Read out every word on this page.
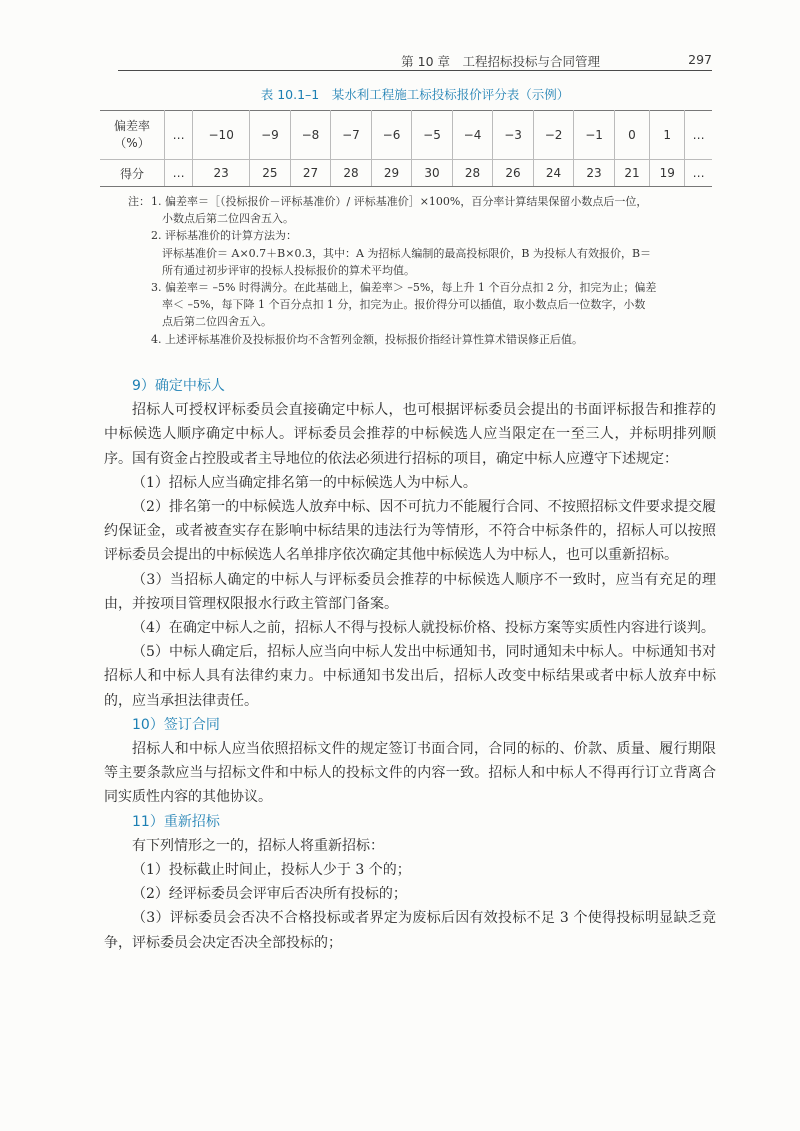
第 10 章　工程招标投标与合同管理	297
表 10.1–1　某水利工程施工标投标报价评分表（示例）
偏差率
（%）	…	−10	−9	−8	−7	−6	−5	−4	−3	−2	−1	0	1	…
得分	…	23	25	27	28	29	30	28	26	24	23	21	19	…
注： 1. 偏差率＝［（投标报价－评标基准价）/ 评标基准价］×100%，百分率计算结果保留小数点后一位，
小数点后第二位四舍五入。
2. 评标基准价的计算方法为：
评标基准价＝ A×0.7＋B×0.3，其中：A 为招标人编制的最高投标限价，B 为投标人有效报价，B＝
所有通过初步评审的投标人投标报价的算术平均值。
3. 偏差率＝ –5% 时得满分。在此基础上，偏差率＞ –5%，每上升 1 个百分点扣 2 分，扣完为止；偏差
率＜ –5%，每下降 1 个百分点扣 1 分，扣完为止。报价得分可以插值，取小数点后一位数字，小数
点后第二位四舍五入。
4. 上述评标基准价及投标报价均不含暂列金额，投标报价指经计算性算术错误修正后值。
9）确定中标人

招标人可授权评标委员会直接确定中标人，也可根据评标委员会提出的书面评标报告和推荐的中标候选人顺序确定中标人。评标委员会推荐的中标候选人应当限定在一至三人，并标明排列顺序。国有资金占控股或者主导地位的依法必须进行招标的项目，确定中标人应遵守下述规定：

（1）招标人应当确定排名第一的中标候选人为中标人。

（2）排名第一的中标候选人放弃中标、因不可抗力不能履行合同、不按照招标文件要求提交履约保证金，或者被查实存在影响中标结果的违法行为等情形，不符合中标条件的，招标人可以按照评标委员会提出的中标候选人名单排序依次确定其他中标候选人为中标人，也可以重新招标。

（3）当招标人确定的中标人与评标委员会推荐的中标候选人顺序不一致时，应当有充足的理由，并按项目管理权限报水行政主管部门备案。

（4）在确定中标人之前，招标人不得与投标人就投标价格、投标方案等实质性内容进行谈判。

（5）中标人确定后，招标人应当向中标人发出中标通知书，同时通知未中标人。中标通知书对招标人和中标人具有法律约束力。中标通知书发出后，招标人改变中标结果或者中标人放弃中标的，应当承担法律责任。

10）签订合同

招标人和中标人应当依照招标文件的规定签订书面合同，合同的标的、价款、质量、履行期限等主要条款应当与招标文件和中标人的投标文件的内容一致。招标人和中标人不得再行订立背离合同实质性内容的其他协议。

11）重新招标

有下列情形之一的，招标人将重新招标：

（1）投标截止时间止，投标人少于 3 个的；

（2）经评标委员会评审后否决所有投标的；

（3）评标委员会否决不合格投标或者界定为废标后因有效投标不足 3 个使得投标明显缺乏竞争，评标委员会决定否决全部投标的；
